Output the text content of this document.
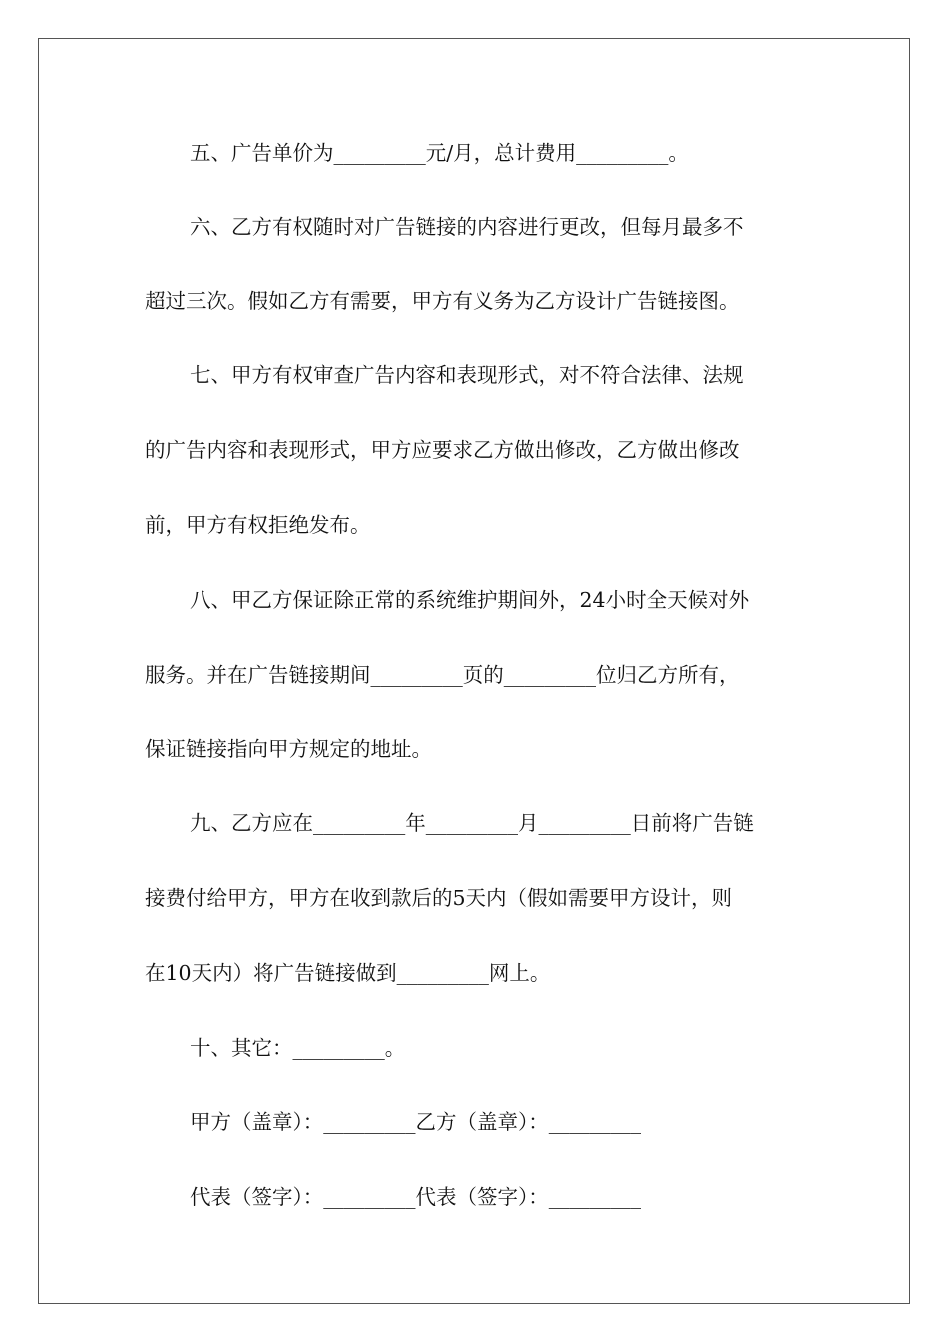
五、广告单价为_________元/月，总计费用_________。
六、乙方有权随时对广告链接的内容进行更改，但每月最多不
超过三次。假如乙方有需要，甲方有义务为乙方设计广告链接图。
七、甲方有权审查广告内容和表现形式，对不符合法律、法规
的广告内容和表现形式，甲方应要求乙方做出修改，乙方做出修改
前，甲方有权拒绝发布。
八、甲乙方保证除正常的系统维护期间外，24小时全天候对外
服务。并在广告链接期间_________页的_________位归乙方所有，
保证链接指向甲方规定的地址。
九、乙方应在_________年_________月_________日前将广告链
接费付给甲方，甲方在收到款后的5天内（假如需要甲方设计，则
在10天内）将广告链接做到_________网上。
十、其它：_________。
甲方（盖章）：_________乙方（盖章）：_________
代表（签字）：_________代表（签字）：_________
